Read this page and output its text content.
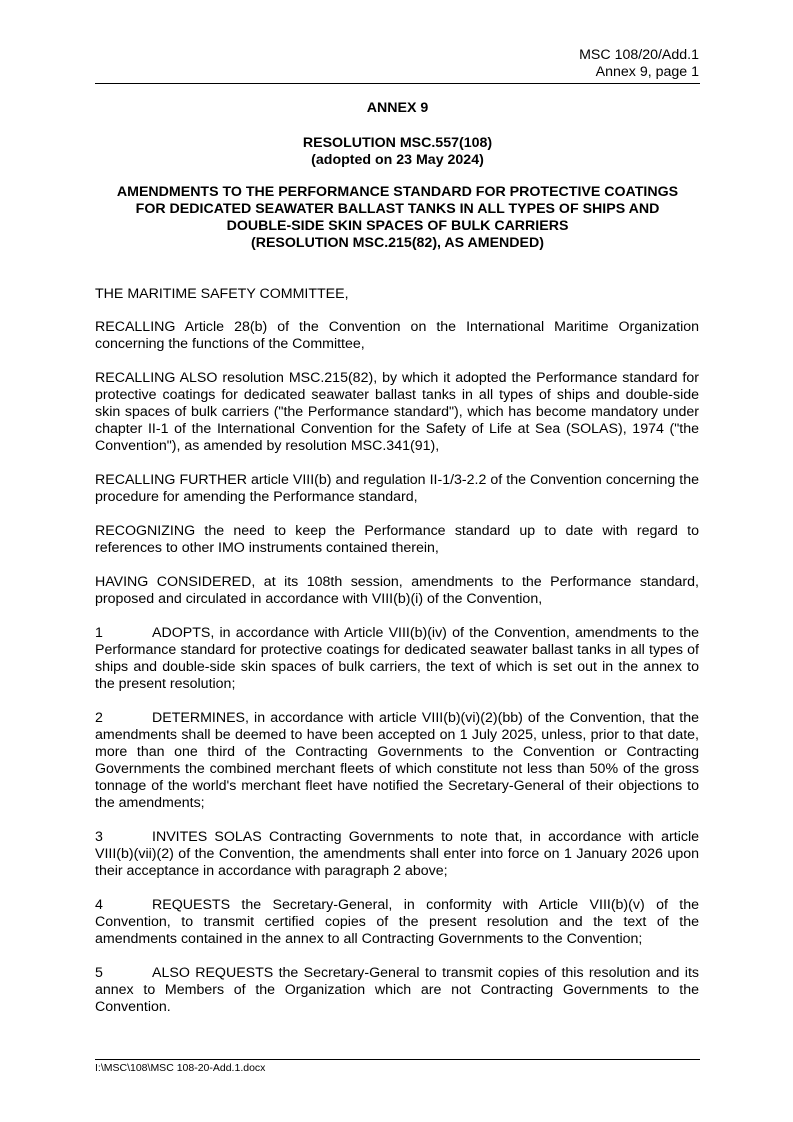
MSC 108/20/Add.1
Annex 9, page 1
ANNEX 9
RESOLUTION MSC.557(108)
(adopted on 23 May 2024)
AMENDMENTS TO THE PERFORMANCE STANDARD FOR PROTECTIVE COATINGS
FOR DEDICATED SEAWATER BALLAST TANKS IN ALL TYPES OF SHIPS AND
DOUBLE-SIDE SKIN SPACES OF BULK CARRIERS
(RESOLUTION MSC.215(82), AS AMENDED)

THE MARITIME SAFETY COMMITTEE,

RECALLING Article 28(b) of the Convention on the International Maritime Organization concerning the functions of the Committee,

RECALLING ALSO resolution MSC.215(82), by which it adopted the Performance standard for protective coatings for dedicated seawater ballast tanks in all types of ships and double-side skin spaces of bulk carriers ("the Performance standard"), which has become mandatory under chapter II-1 of the International Convention for the Safety of Life at Sea (SOLAS), 1974 ("the Convention"), as amended by resolution MSC.341(91),

RECALLING FURTHER article VIII(b) and regulation II-1/3-2.2 of the Convention concerning the procedure for amending the Performance standard,

RECOGNIZING the need to keep the Performance standard up to date with regard to references to other IMO instruments contained therein,

HAVING CONSIDERED, at its 108th session, amendments to the Performance standard, proposed and circulated in accordance with VIII(b)(i) of the Convention,

1	ADOPTS, in accordance with Article VIII(b)(iv) of the Convention, amendments to the Performance standard for protective coatings for dedicated seawater ballast tanks in all types of ships and double-side skin spaces of bulk carriers, the text of which is set out in the annex to the present resolution;

2	DETERMINES, in accordance with article VIII(b)(vi)(2)(bb) of the Convention, that the amendments shall be deemed to have been accepted on 1 July 2025, unless, prior to that date, more than one third of the Contracting Governments to the Convention or Contracting Governments the combined merchant fleets of which constitute not less than 50% of the gross tonnage of the world's merchant fleet have notified the Secretary-General of their objections to the amendments;

3	INVITES SOLAS Contracting Governments to note that, in accordance with article VIII(b)(vii)(2) of the Convention, the amendments shall enter into force on 1 January 2026 upon their acceptance in accordance with paragraph 2 above;

4	REQUESTS the Secretary-General, in conformity with Article VIII(b)(v) of the Convention, to transmit certified copies of the present resolution and the text of the amendments contained in the annex to all Contracting Governments to the Convention;

5	ALSO REQUESTS the Secretary-General to transmit copies of this resolution and its annex to Members of the Organization which are not Contracting Governments to the Convention.

I:\MSC\108\MSC 108-20-Add.1.docx
